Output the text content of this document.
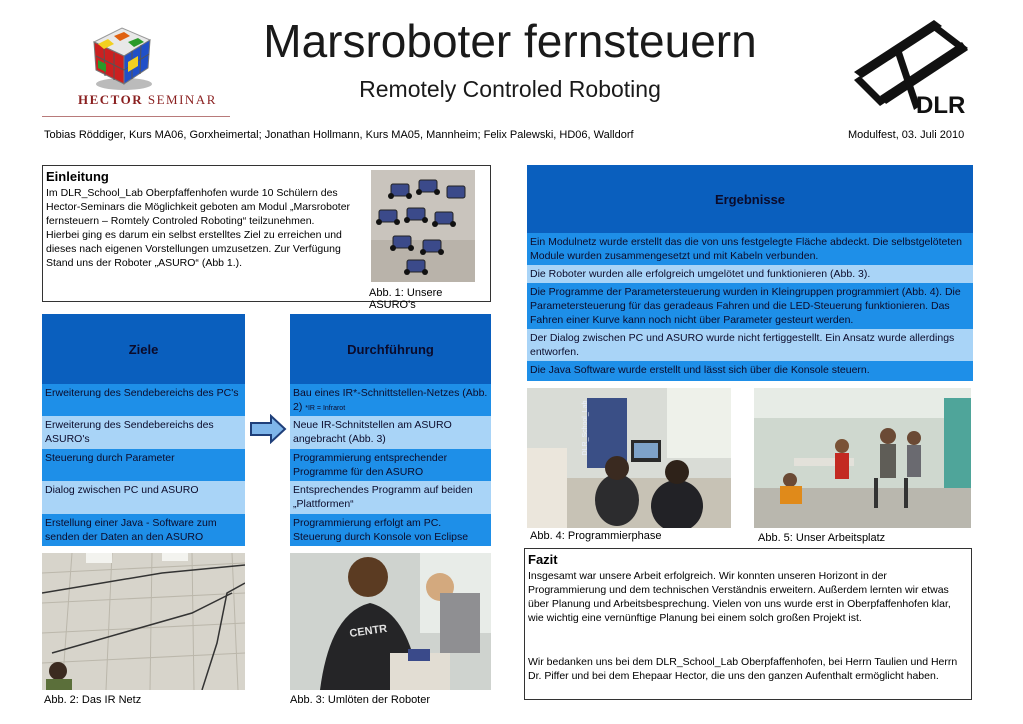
HECTOR SEMINAR
Marsroboter fernsteuern
Remotely Controled Roboting
DLR
Tobias Röddiger, Kurs MA06, Gorxheimertal; Jonathan Hollmann, Kurs MA05, Mannheim; Felix Palewski, HD06, Walldorf	Modulfest, 03. Juli 2010
Einleitung
Im DLR_School_Lab Oberpfaffenhofen wurde 10 Schülern des Hector-Seminars die Möglichkeit geboten am Modul „Marsroboter fernsteuern – Romtely Controled Roboting“ teilzunehmen.
Hierbei ging es darum ein selbst erstelltes Ziel zu erreichen und dieses nach eigenen Vorstellungen umzusetzen. Zur Verfügung Stand uns der Roboter „ASURO“ (Abb 1.).
Abb. 1: Unsere ASURO's
Ziele
Erweiterung des Sendebereichs des PC's
Erweiterung des Sendebereichs des ASURO's
Steuerung durch Parameter
Dialog zwischen PC und ASURO
Erstellung einer Java - Software zum senden der Daten an den ASURO
Durchführung
Bau eines IR*-Schnittstellen-Netzes (Abb. 2) *IR = Infrarot
Neue IR-Schnitstellen am ASURO angebracht (Abb. 3)
Programmierung entsprechender Programme für den ASURO
Entsprechendes Programm auf beiden „Plattformen“
Programmierung erfolgt am PC. Steuerung durch Konsole von Eclipse
Ergebnisse
Ein Modulnetz wurde erstellt das die von uns festgelegte Fläche abdeckt. Die selbstgelöteten Module wurden zusammengesetzt und mit Kabeln verbunden.
Die Roboter wurden alle erfolgreich umgelötet und funktionieren (Abb. 3).
Die Programme der Parametersteuerung wurden in Kleingruppen programmiert (Abb. 4). Die Parametersteuerung für das geradeaus Fahren und die LED-Steuerung funktionieren. Das Fahren einer Kurve kann noch nicht über Parameter gesteurt werden.
Der Dialog zwischen PC und ASURO wurde nicht fertiggestellt. Ein Ansatz wurde allerdings entworfen.
Die Java Software wurde erstellt und lässt sich über die Konsole steuern.
DLR_School_Lab
Abb. 4: Programmierphase	Abb. 5: Unser Arbeitsplatz
Abb. 2: Das IR Netz
CENTR
Abb. 3: Umlöten der Roboter
Fazit
Insgesamt war unsere Arbeit erfolgreich. Wir konnten unseren Horizont in der Programmierung und dem technischen Verständnis erweitern. Außerdem lernten wir etwas über Planung und Arbeitsbesprechung. Vielen von uns wurde erst in Oberpfaffenhofen klar, wie wichtig eine vernünftige Planung bei einem solch großen Projekt ist.
Wir bedanken uns bei dem DLR_School_Lab Oberpfaffenhofen, bei Herrn Taulien und Herrn Dr. Piffer und bei dem Ehepaar Hector, die uns den ganzen Aufenthalt ermöglicht haben.
